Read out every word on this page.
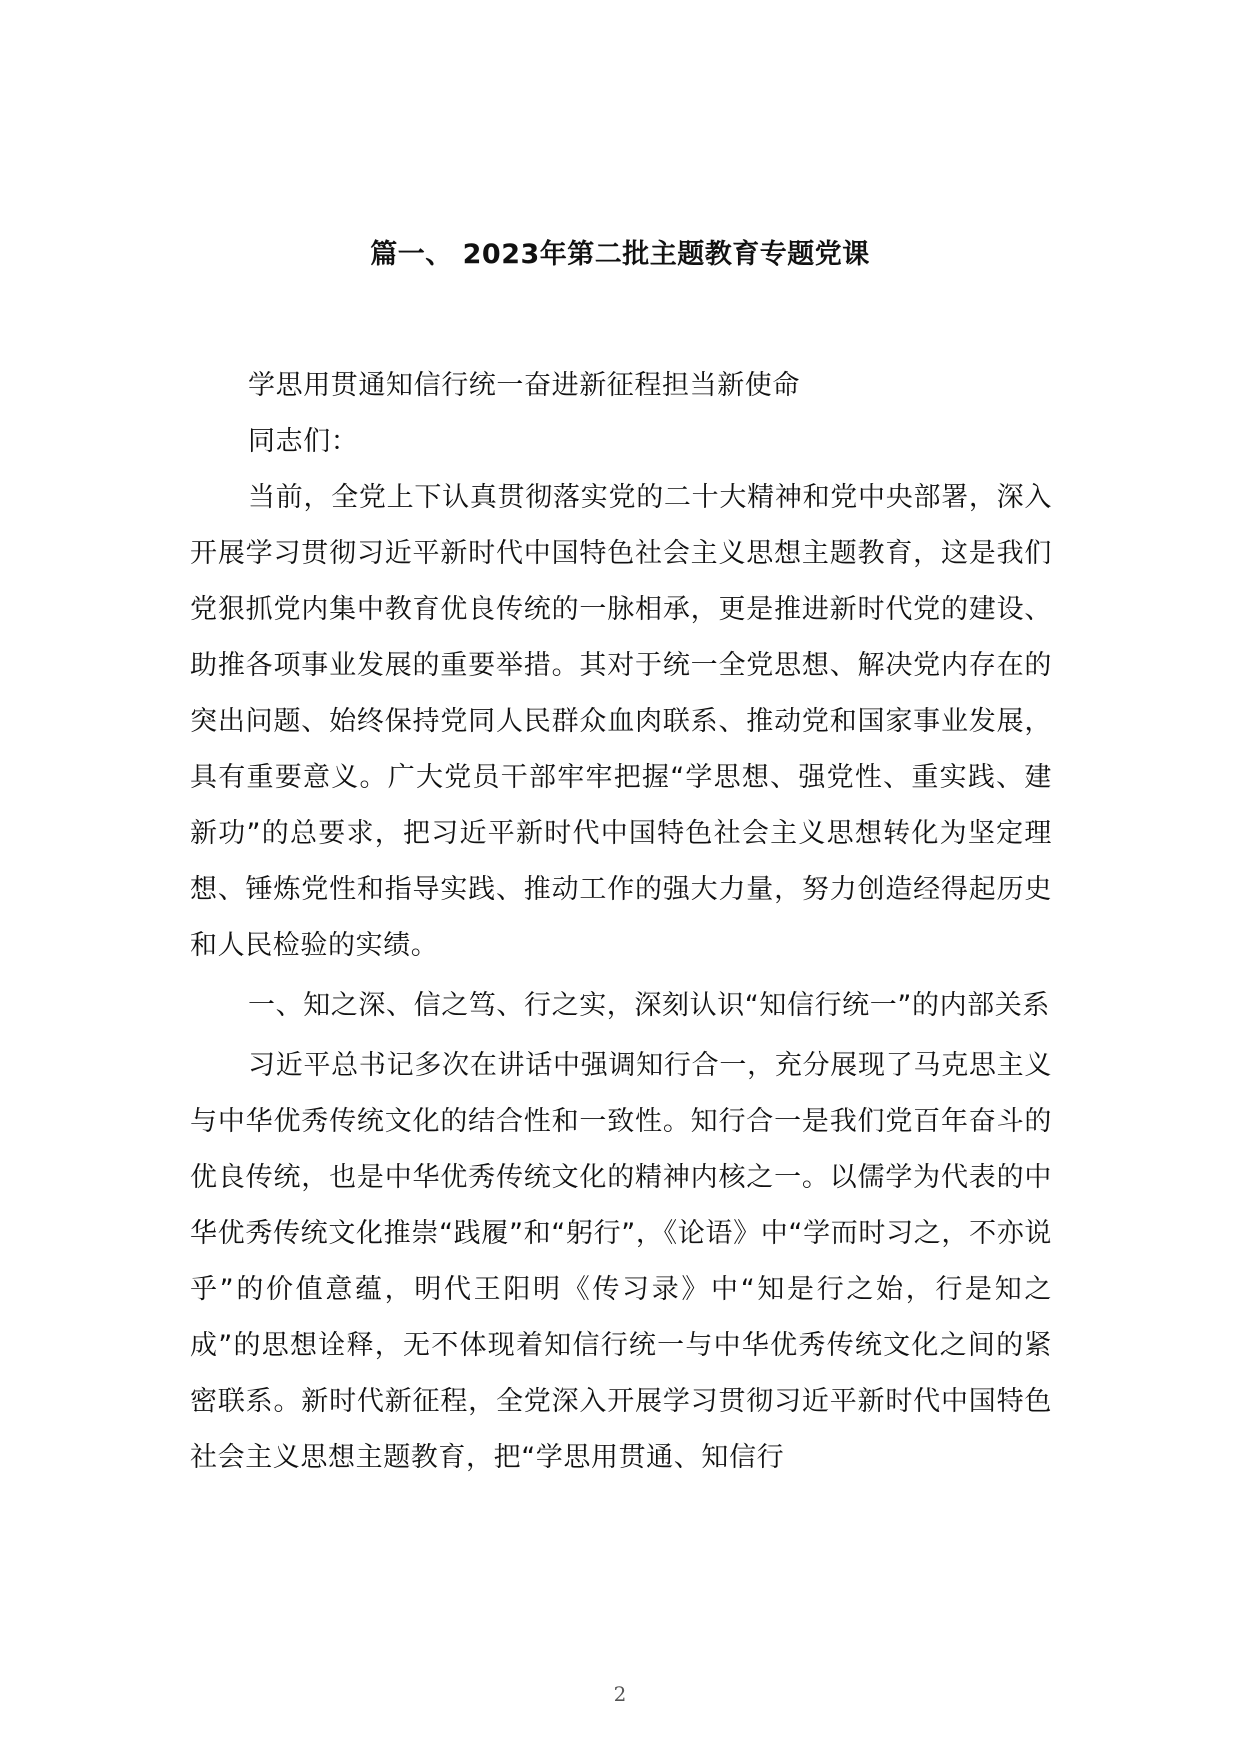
篇一、 2023年第二批主题教育专题党课

学思用贯通知信行统一奋进新征程担当新使命

同志们：

当前，全党上下认真贯彻落实党的二十大精神和党中央部署，深入开展学习贯彻习近平新时代中国特色社会主义思想主题教育，这是我们党狠抓党内集中教育优良传统的一脉相承，更是推进新时代党的建设、助推各项事业发展的重要举措。其对于统一全党思想、解决党内存在的突出问题、始终保持党同人民群众血肉联系、推动党和国家事业发展，具有重要意义。广大党员干部牢牢把握“学思想、强党性、重实践、建新功”的总要求，把习近平新时代中国特色社会主义思想转化为坚定理想、锤炼党性和指导实践、推动工作的强大力量，努力创造经得起历史和人民检验的实绩。

一、知之深、信之笃、行之实，深刻认识“知信行统一”的内部关系

习近平总书记多次在讲话中强调知行合一，充分展现了马克思主义与中华优秀传统文化的结合性和一致性。知行合一是我们党百年奋斗的优良传统，也是中华优秀传统文化的精神内核之一。以儒学为代表的中华优秀传统文化推崇“践履”和“躬行”，《论语》中“学而时习之，不亦说乎”的价值意蕴，明代王阳明《传习录》中“知是行之始，行是知之成”的思想诠释，无不体现着知信行统一与中华优秀传统文化之间的紧密联系。新时代新征程，全党深入开展学习贯彻习近平新时代中国特色社会主义思想主题教育，把“学思用贯通、知信行

2
